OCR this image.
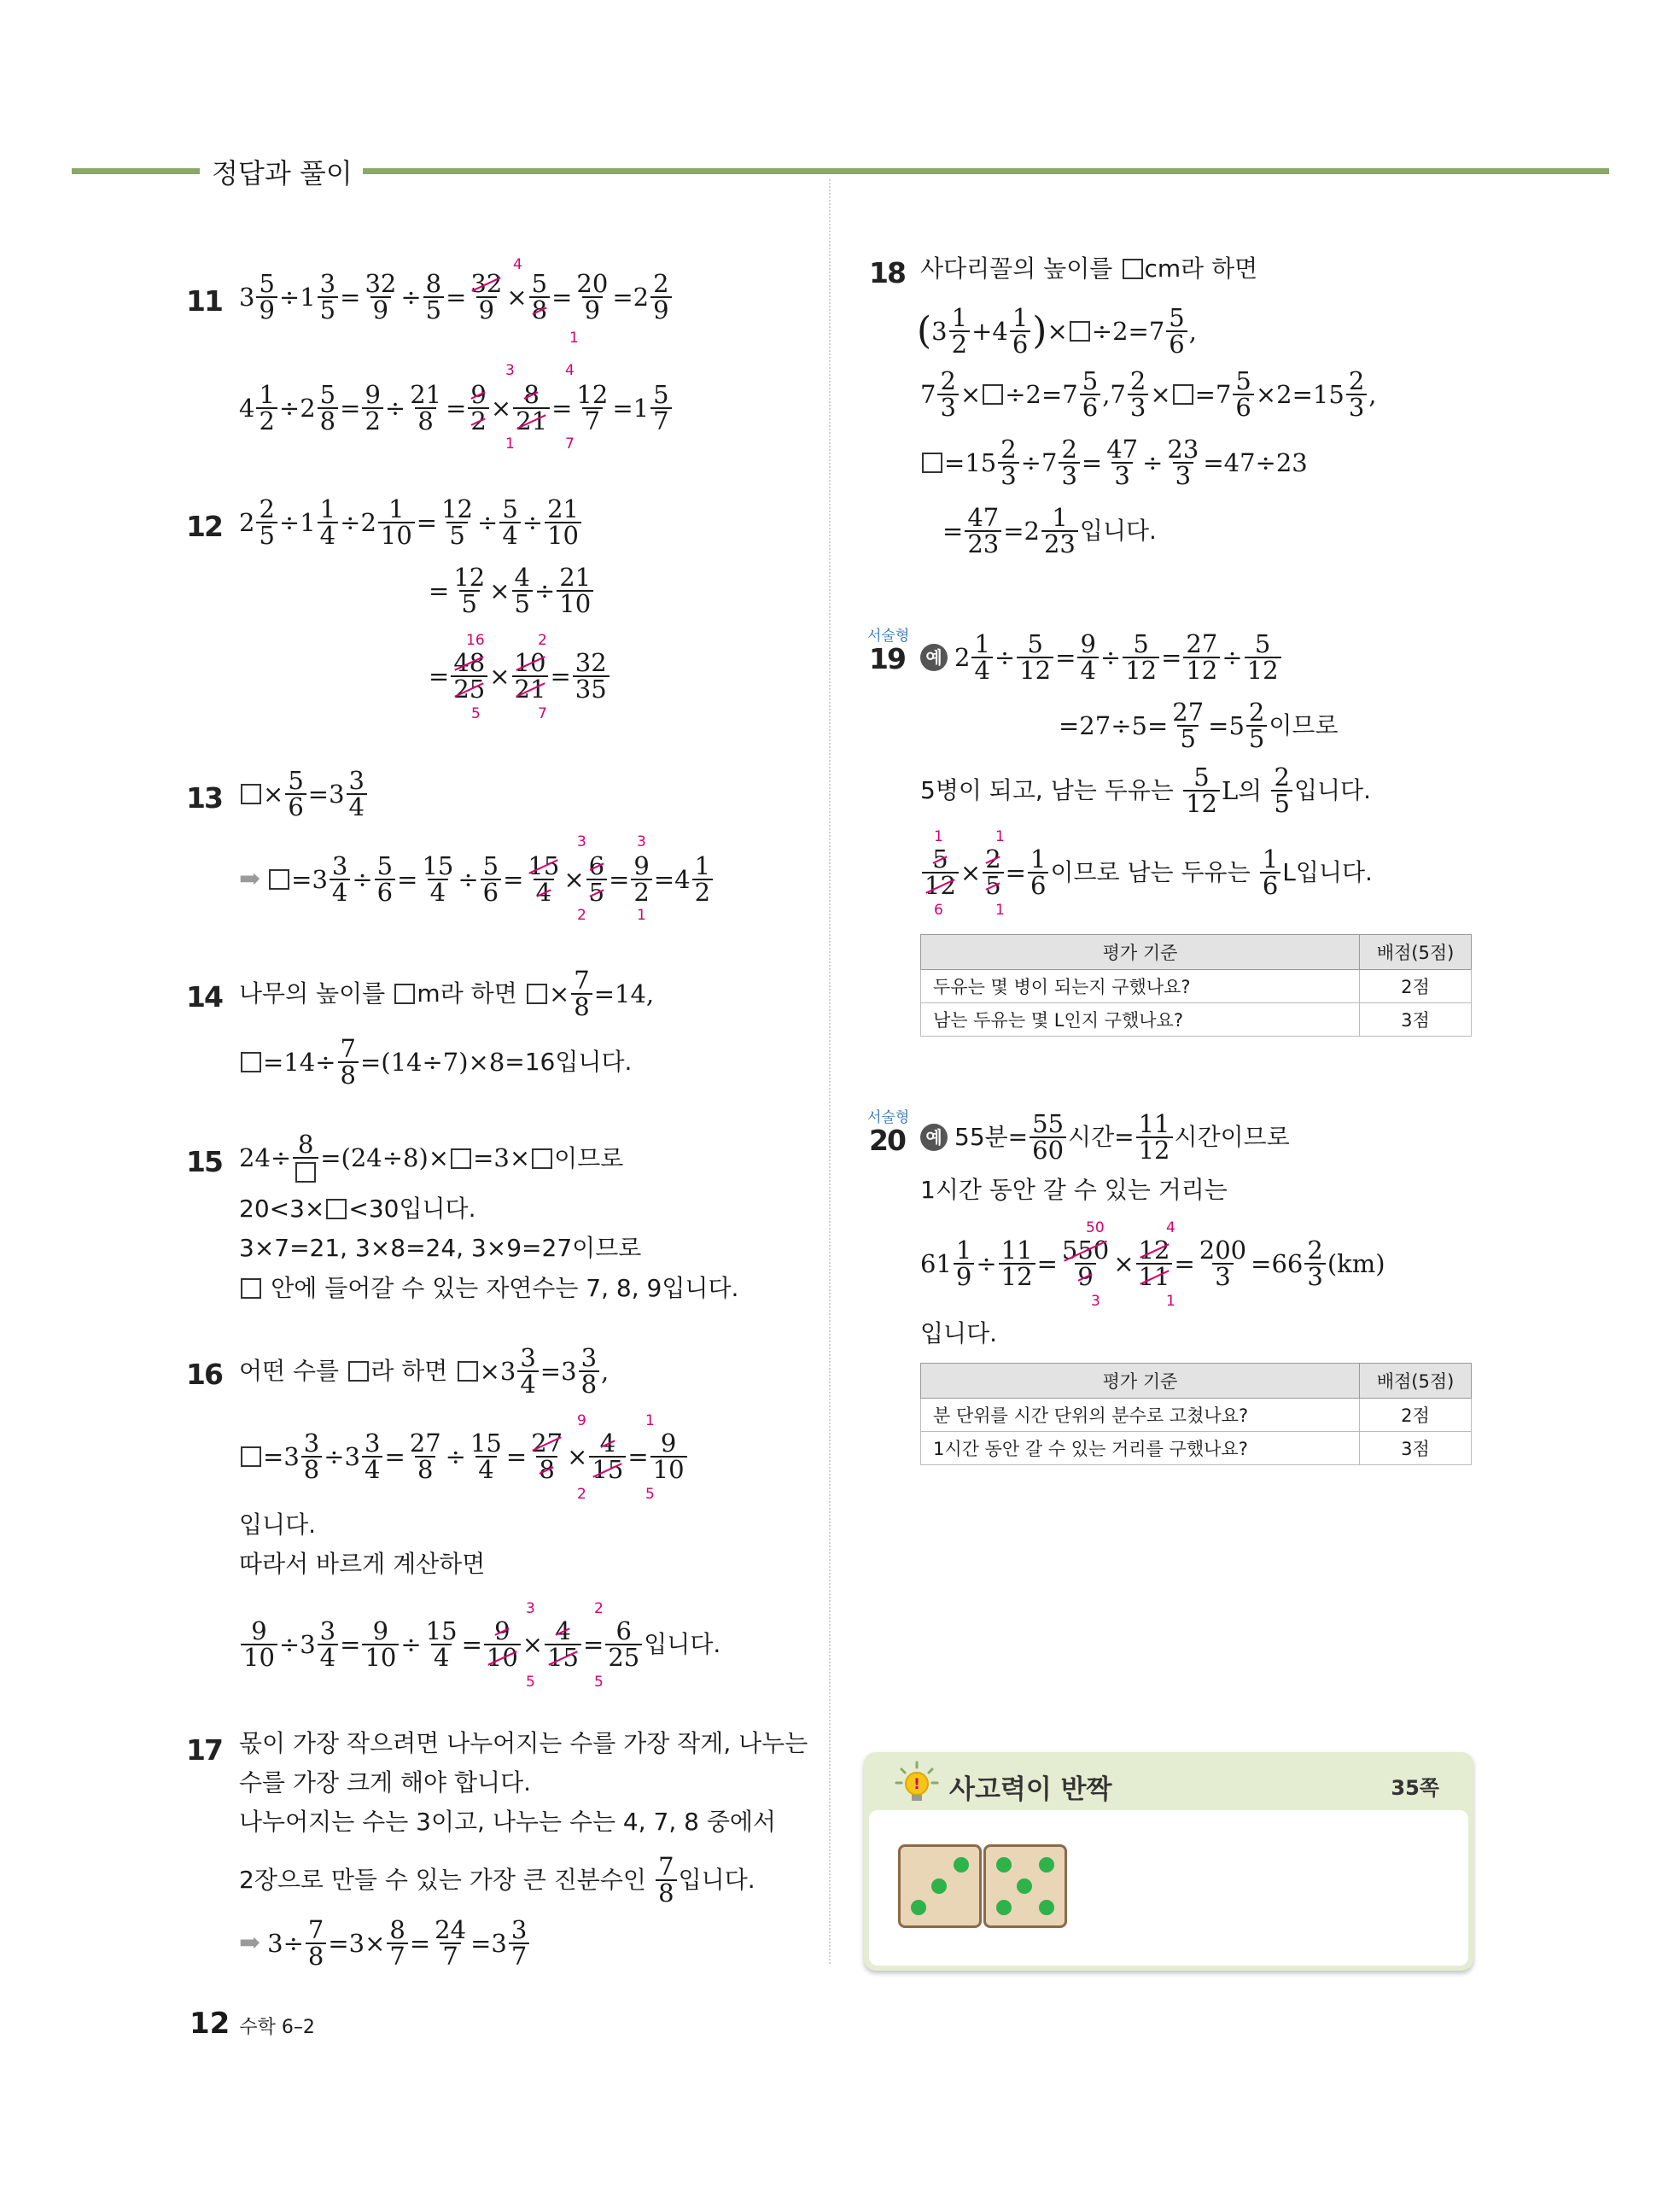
정답과 풀이
11 $3 \frac{5}{9} \div 1 \frac{3}{5} = \frac{32}{9} \div \frac{8}{5} = \frac{32}{9} \times \frac{5}{8} = \frac{20}{9} = 2 \frac{2}{9}$
4
1
$4 \frac{1}{2} \div 2 \frac{5}{8} = \frac{9}{2} \div \frac{21}{8} = \frac{9}{2} \times \frac{8}{21} = \frac{12}{7} = 1 \frac{5}{7}$
3	4
1	7
12 $2 \frac{2}{5} \div 1 \frac{1}{4} \div 2 \frac{1}{10} = \frac{12}{5} \div \frac{5}{4} \div \frac{21}{10}$
= $\frac{12}{5} \times \frac{4}{5} \div \frac{21}{10}$
= $\frac{48}{25} \times \frac{10}{21} = \frac{32}{35}$
16	2
5	7
13	× $\frac{5}{6} = 3 \frac{3}{4}$
➡ = $3 \frac{3}{4} \div \frac{5}{6} = \frac{15}{4} \div \frac{5}{6} = \frac{15}{4} \times \frac{6}{5} = \frac{9}{2} = 4 \frac{1}{2}$
3	3
2	1
14 나무의 높이를
m라 하면
× $\frac{7}{8} =14$,
$=14\div \frac{7}{8} =(14\div 7)\times 8 =16$입니다.
15 24÷ 8 =(24÷8)× =3× 이므로
20<3× <30입니다.
3×7=21, 3×8=24, 3×9=27이므로

안에 들어갈 수 있는 자연수는 7, 8, 9입니다.
16 어떤 수를
라 하면
× $3 \frac{3}{4} = 3 \frac{3}{8}$ ,
= $3 \frac{3}{8} \div 3 \frac{3}{4} = \frac{27}{8} \div \frac{15}{4} = \frac{27}{8} \times \frac{4}{15} = \frac{9}{10}$
9	1
2	5
입니다.
따라서 바르게 계산하면
$\frac{9}{10} \div 3 \frac{3}{4} = \frac{9}{10} \div \frac{15}{4} = \frac{9}{10} \times \frac{4}{15} = \frac{6}{25}$ 입니다.
3	2
5	5
17 몫이 가장 작으려면 나누어지는 수를 가장 작게, 나누는
수를 가장 크게 해야 합니다.
나누어지는 수는 3이고, 나누는 수는 4, 7, 8 중에서
2장으로 만들 수 있는 가장 큰 진분수인
$\frac{7}{8}$ 입니다.
➡ $3\div \frac{7}{8} =3\times \frac{8}{7} = \frac{24}{7} = 3 \frac{3}{7}$
18 사다리꼴의 높이를
cm라 하면
( $3 \frac{1}{2} + 4 \frac{1}{6}$ ) × $\div 2= 7 \frac{5}{6}$ ,
$7 \frac{2}{3} \times \div 2= 7 \frac{5}{6}$ , $7 \frac{2}{3}$ × = $7 \frac{5}{6} \times 2= 15 \frac{2}{3}$ ,
= $15 \frac{2}{3} \div 7 \frac{2}{3} = \frac{47}{3} \div \frac{23}{3} =47\div 23$
= $\frac{47}{23} = 2 \frac{1}{23}$ 입니다.
서술형
19	예 $2 \frac{1}{4} \div \frac{5}{12} = \frac{9}{4} \div \frac{5}{12} = \frac{27}{12} \div \frac{5}{12}$
$=27\div 5= \frac{27}{5} = 5 \frac{2}{5}$ 이므로
5병이 되고, 남는 두유는
$\frac{5}{12}$ L의
$\frac{2}{5}$ 입니다.
$\frac{5}{12} \times \frac{2}{5} = \frac{1}{6}$ 이므로 남는 두유는
$\frac{1}{6}$ L입니다.
1	1
6	1
평가 기준	배점(5점)
두유는 몇 병이 되는지 구했나요?	2점
남는 두유는 몇 L인지 구했나요?	3점
서술형
20	예 55분= $\frac{55}{60}$ 시간= $\frac{11}{12}$ 시간이므로
1시간 동안 갈 수 있는 거리는
$61 \frac{1}{9} \div \frac{11}{12} = \frac{550}{9} \times \frac{12}{11} = \frac{200}{3} = 66 \frac{2}{3} (km)$
50	4
3	1
입니다.
평가 기준	배점(5점)
분 단위를 시간 단위의 분수로 고쳤나요?	2점
1시간 동안 갈 수 있는 거리를 구했나요?	3점
! 사고력이 반짝	35쪽
12 수학 6–2
